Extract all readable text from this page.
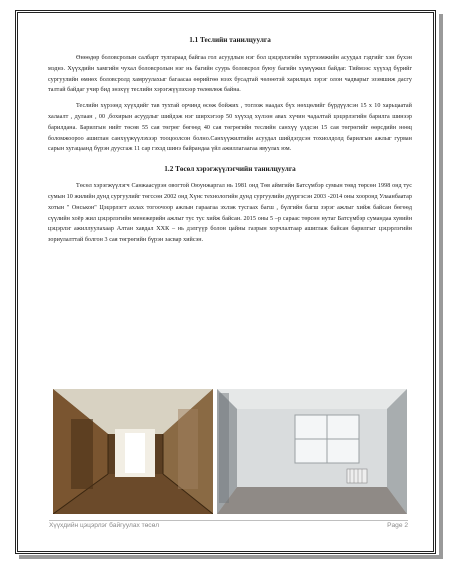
1.1 Теслийн танилцуулга

Өнөөдөр боловсролын салбарт тулгараад байгаа гол асуудлын нэг бол цэцэрлэгийн хүртээмжийн асуудал гэдгийг хэн бүхэн мэднэ. Хүүхдийн хамгийн чухал боловсролын нэг нь багийн суурь боловсрол буюу багийн хүмүүжил байдаг. Тиймээс хүүхэд бүрийг сургуулийн өмнөх боловсролд хамруулахыг багаасаа өөрийгөө нээх бусадтай чөлөөтэй харилцах зэрэг олон чадварыг эзэмшиж дасгу талтай байдаг учир бид энэхүү теслийн хэрэгжүүлэхээр төлөвлөж байна.

Теслийн хүрээнд хүүхдийг тав тухтай орчинд өсөж бойжих , тоглож наадах бүх нөхцөлийг бүрдүүлсэн 15 x 10 харьцаатай халаалт , дулаан , 00 ,бохирын асуудлыг шийдэж нэг ширхэгээр 50 хүүхэд хүлээн авах хүчин чадалтай цэцэрлэгийн барилга шинээр барилдана. Барилгын нийт төсөв 55 сая төгрөг бөгөөд 40 сая төгрөгийн теслийн санхүү үлдсэн 15 сая төгрөгийг өөрсдийн нөөц боломжоороо ашиглан санхүүжүүлэхээр тооцоолсон болно.Санхүүжилтийн асуудал шийдэгдсэн тохиолдолд барилгын ажлыг гурван сарын хугацаанд бүрэн дуусгаж 11 сар гэхэд шинэ байрандаа үйл ажиллагаагаа явуулах юм.

1.2 Төсөл хэрэгжүүлэгчийн танилцуулга

Төсөл хэрэгжүүлэгч Санжаасүрэн овогтой Оюунжаргал нь 1981 онд Төв аймгийн Батсүмбэр сумын төвд төрсөн 1998 онд тус сумын 10 жилийн дунд сургуулийг төгссөн 2002 онд Хүнс технологийн дунд сургуулийн дүүргэсэн 2003 -2014 оны хооронд Улаанбаатар хотын " Онськон" Цэцэрлэгт ахлах тогоочоор ажлын гараагаа эхлэж тусгаах багш , бүлгийн багш зэрэг ажлыг хийж байсан бөгөөд сүүлийн хоёр жил цэцэрлэгийн менежерийн ажлыг тус тус хийж байсан. 2015 оны 5 –р сараас төрсөн нутаг Батсүмбэр сумандаа хувийн цэцэрлэг ажиллуулахаар Алтан хавдал ХХК – нь дэлгүүр болон цайны газрын хорчлалтаар ашиглаж байсан барилгыг цэцэрлэгийн зориулалттай болгон 3 сая төгрөгийн бүрэн засвар хийсэн.

Хүүхдийн цэцэрлэг байгуулах төсөл	Page 2
